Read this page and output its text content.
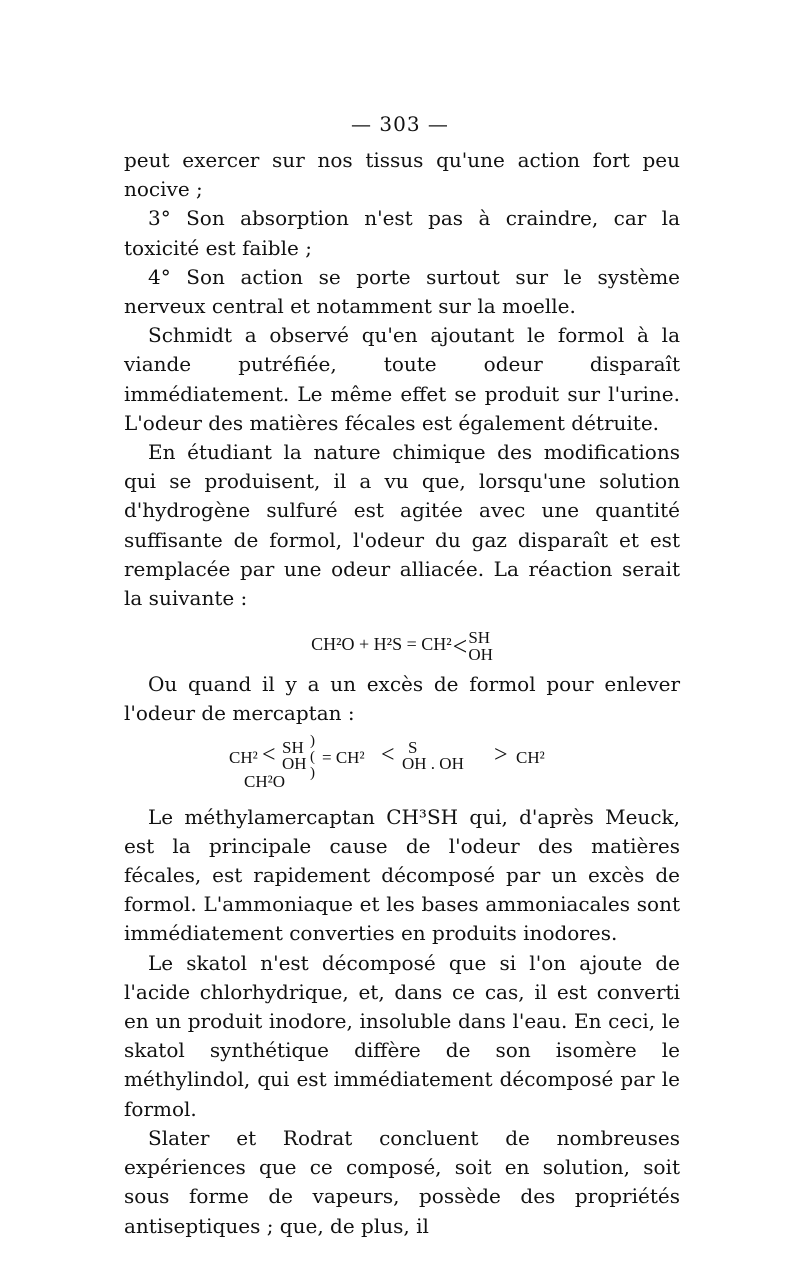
— 303 —

peut exercer sur nos tissus qu'une action fort peu nocive ;

3° Son absorption n'est pas à craindre, car la toxicité est faible ;

4° Son action se porte surtout sur le système nerveux central et notamment sur la moelle.

Schmidt a observé qu'en ajoutant le formol à la viande putréfiée, toute odeur disparaît immédiatement. Le même effet se produit sur l'urine. L'odeur des matières fécales est également détruite.

En étudiant la nature chimique des modifications qui se produisent, il a vu que, lorsqu'une solution d'hydrogène sulfuré est agitée avec une quantité suffisante de formol, l'odeur du gaz disparaît et est remplacée par une odeur alliacée. La réaction serait la suivante :

CH²O + H²S = CH²<SH
OH

Ou quand il y a un excès de formol pour enlever l'odeur de mercaptan :

CH² < SH
OH
CH²O
)
(
)
= CH² < S
OH . OH > CH²

Le méthylamercaptan CH³SH qui, d'après Meuck, est la principale cause de l'odeur des matières fécales, est rapidement décomposé par un excès de formol. L'ammoniaque et les bases ammoniacales sont immédiatement converties en produits inodores.

Le skatol n'est décomposé que si l'on ajoute de l'acide chlorhydrique, et, dans ce cas, il est converti en un produit inodore, insoluble dans l'eau. En ceci, le skatol synthétique diffère de son isomère le méthylindol, qui est immédiatement décomposé par le formol.

Slater et Rodrat concluent de nombreuses expériences que ce composé, soit en solution, soit sous forme de vapeurs, possède des propriétés antiseptiques ; que, de plus, il
